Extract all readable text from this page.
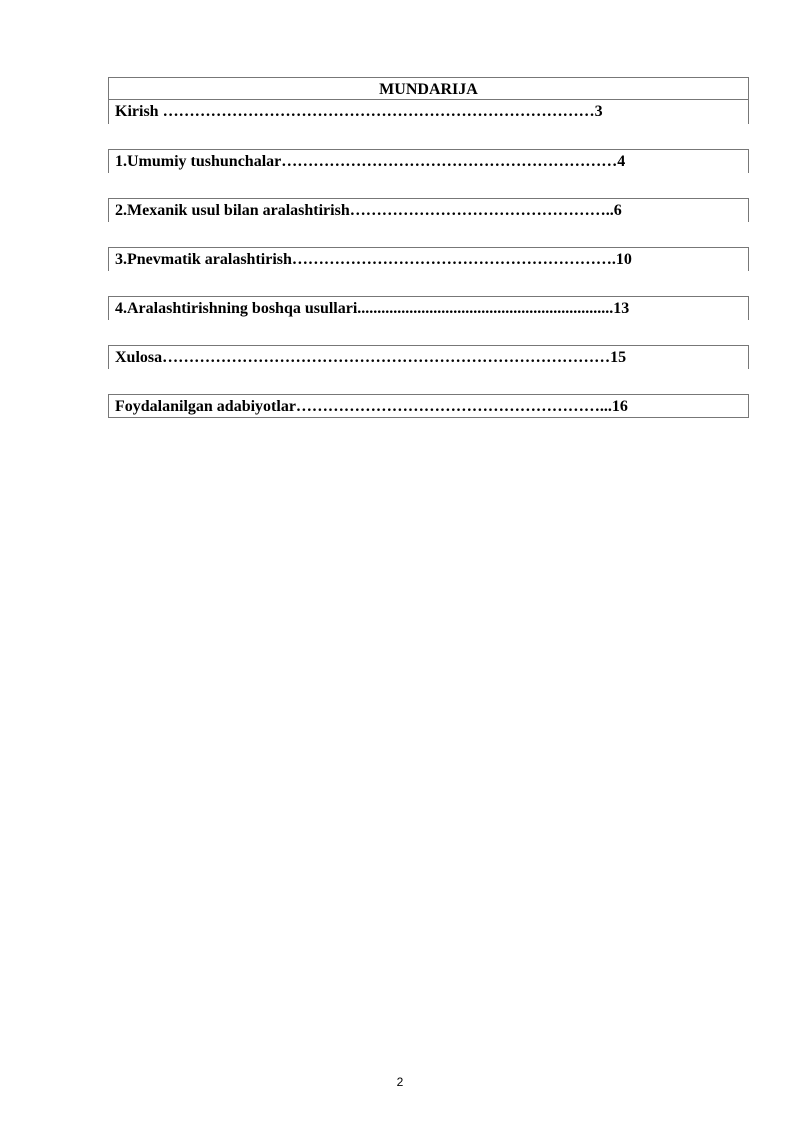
MUNDARIJA
Kirish ………………………………………………………………………3
1.Umumiy tushunchalar………………………………………………………4
2.Mexanik usul bilan aralashtirish…………………………………………..6
3.Pnevmatik aralashtirish…………………………………………………….10
4.Aralashtirishning boshqa usullari................................................................13
Xulosa…………………………………………………………………………15
Foydalanilgan adabiyotlar…………………………………………………...16
2
